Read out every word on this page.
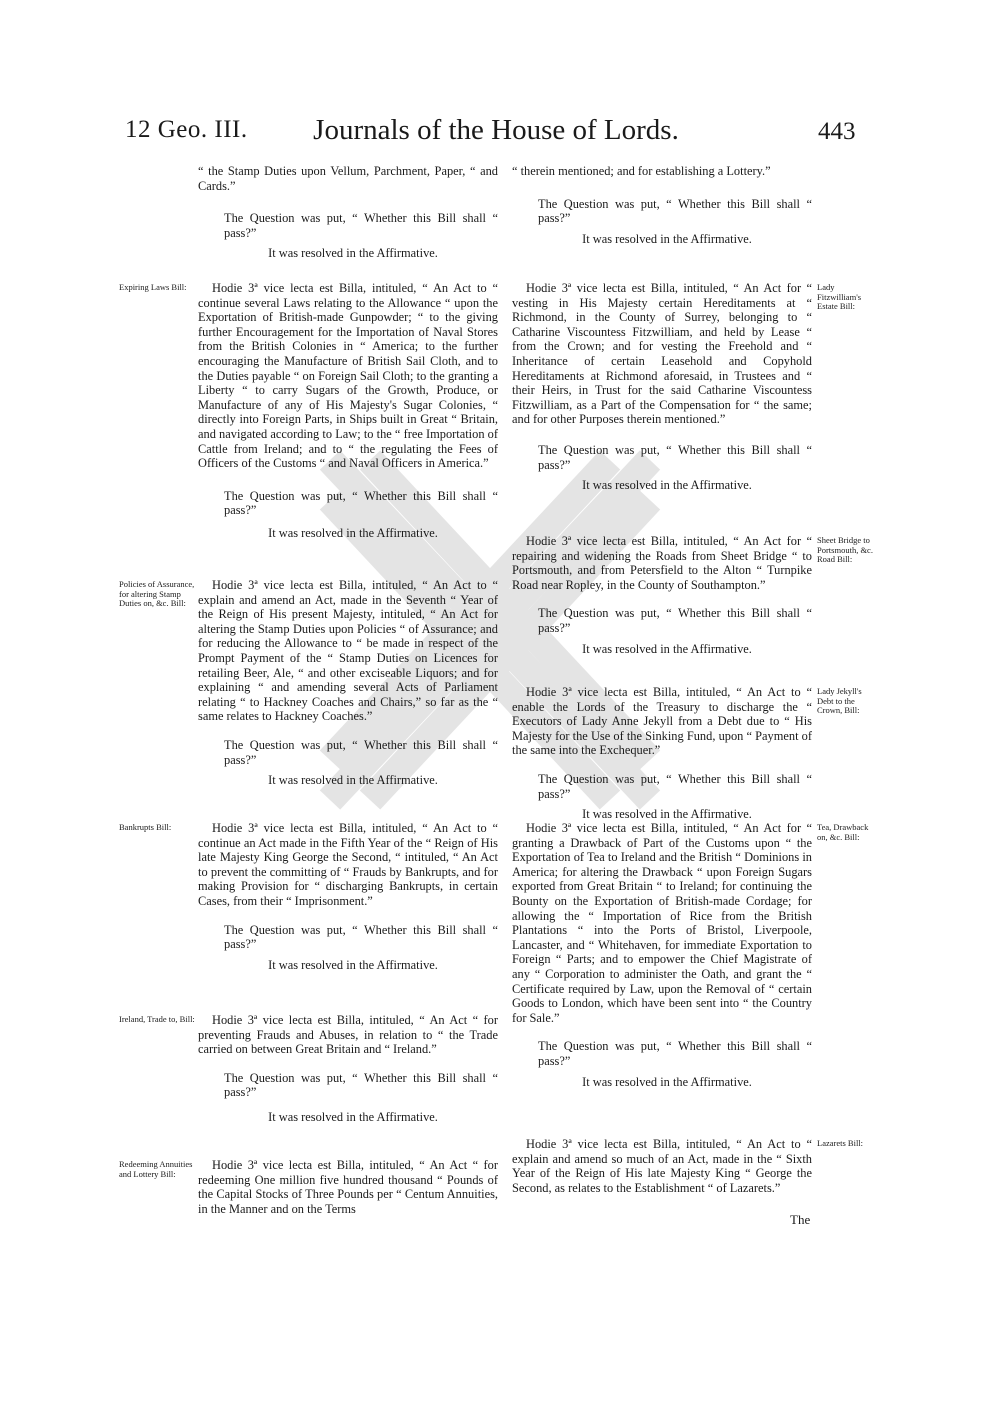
12 Geo. III.	Journals of the House of Lords.	443

“ the Stamp Duties upon Vellum, Parchment, Paper, “ and Cards.”

The Question was put, “ Whether this Bill shall “ pass?”

It was resolved in the Affirmative.

Hodie 3ª vice lecta est Billa, intituled, “ An Act to “ continue several Laws relating to the Allowance “ upon the Exportation of British-made Gunpowder; “ to the giving further Encouragement for the Importation of Naval Stores from the British Colonies in “ America; to the further encouraging the Manufacture of British Sail Cloth, and to the Duties payable “ on Foreign Sail Cloth; to the granting a Liberty “ to carry Sugars of the Growth, Produce, or Manufacture of any of His Majesty's Sugar Colonies, “ directly into Foreign Parts, in Ships built in Great “ Britain, and navigated according to Law; to the “ free Importation of Cattle from Ireland; and to “ the regulating the Fees of Officers of the Customs “ and Naval Officers in America.”

The Question was put, “ Whether this Bill shall “ pass?”

It was resolved in the Affirmative.

Hodie 3ª vice lecta est Billa, intituled, “ An Act to “ explain and amend an Act, made in the Seventh “ Year of the Reign of His present Majesty, intituled, “ An Act for altering the Stamp Duties upon Policies “ of Assurance; and for reducing the Allowance to “ be made in respect of the Prompt Payment of the “ Stamp Duties on Licences for retailing Beer, Ale, “ and other exciseable Liquors; and for explaining “ and amending several Acts of Parliament relating “ to Hackney Coaches and Chairs,” so far as the “ same relates to Hackney Coaches.”

The Question was put, “ Whether this Bill shall “ pass?”

It was resolved in the Affirmative.

Hodie 3ª vice lecta est Billa, intituled, “ An Act to “ continue an Act made in the Fifth Year of the “ Reign of His late Majesty King George the Second, “ intituled, “ An Act to prevent the committing of “ Frauds by Bankrupts, and for making Provision for “ discharging Bankrupts, in certain Cases, from their “ Imprisonment.”

The Question was put, “ Whether this Bill shall “ pass?”

It was resolved in the Affirmative.

Hodie 3ª vice lecta est Billa, intituled, “ An Act “ for preventing Frauds and Abuses, in relation to “ the Trade carried on between Great Britain and “ Ireland.”

The Question was put, “ Whether this Bill shall “ pass?”

It was resolved in the Affirmative.

Hodie 3ª vice lecta est Billa, intituled, “ An Act “ for redeeming One million five hundred thousand “ Pounds of the Capital Stocks of Three Pounds per “ Centum Annuities, in the Manner and on the Terms

Expiring Laws Bill:
Policies of Assurance, for altering Stamp Duties on, &c. Bill:
Bankrupts Bill:
Ireland, Trade to, Bill:
Redeeming Annuities and Lottery Bill:

“ therein mentioned; and for establishing a Lottery.”

The Question was put, “ Whether this Bill shall “ pass?”

It was resolved in the Affirmative.

Hodie 3ª vice lecta est Billa, intituled, “ An Act for “ vesting in His Majesty certain Hereditaments at “ Richmond, in the County of Surrey, belonging to “ Catharine Viscountess Fitzwilliam, and held by Lease “ from the Crown; and for vesting the Freehold and “ Inheritance of certain Leasehold and Copyhold Hereditaments at Richmond aforesaid, in Trustees and “ their Heirs, in Trust for the said Catharine Viscountess Fitzwilliam, as a Part of the Compensation for “ the same; and for other Purposes therein mentioned.”

The Question was put, “ Whether this Bill shall “ pass?”

It was resolved in the Affirmative.

Hodie 3ª vice lecta est Billa, intituled, “ An Act for “ repairing and widening the Roads from Sheet Bridge “ to Portsmouth, and from Petersfield to the Alton “ Turnpike Road near Ropley, in the County of Southampton.”

The Question was put, “ Whether this Bill shall “ pass?”

It was resolved in the Affirmative.

Hodie 3ª vice lecta est Billa, intituled, “ An Act to “ enable the Lords of the Treasury to discharge the “ Executors of Lady Anne Jekyll from a Debt due to “ His Majesty for the Use of the Sinking Fund, upon “ Payment of the same into the Exchequer.”

The Question was put, “ Whether this Bill shall “ pass?”

It was resolved in the Affirmative.

Hodie 3ª vice lecta est Billa, intituled, “ An Act for “ granting a Drawback of Part of the Customs upon “ the Exportation of Tea to Ireland and the British “ Dominions in America; for altering the Drawback “ upon Foreign Sugars exported from Great Britain “ to Ireland; for continuing the Bounty on the Exportation of British-made Cordage; for allowing the “ Importation of Rice from the British Plantations “ into the Ports of Bristol, Liverpoole, Lancaster, and “ Whitehaven, for immediate Exportation to Foreign “ Parts; and to empower the Chief Magistrate of any “ Corporation to administer the Oath, and grant the “ Certificate required by Law, upon the Removal of “ certain Goods to London, which have been sent into “ the Country for Sale.”

The Question was put, “ Whether this Bill shall “ pass?”

It was resolved in the Affirmative.

Hodie 3ª vice lecta est Billa, intituled, “ An Act to “ explain and amend so much of an Act, made in the “ Sixth Year of the Reign of His late Majesty King “ George the Second, as relates to the Establishment “ of Lazarets.”

Lady Fitzwilliam's Estate Bill:
Sheet Bridge to Portsmouth, &c. Road Bill:
Lady Jekyll's Debt to the Crown, Bill:
Tea, Drawback on, &c. Bill:
Lazarets Bill:
The
